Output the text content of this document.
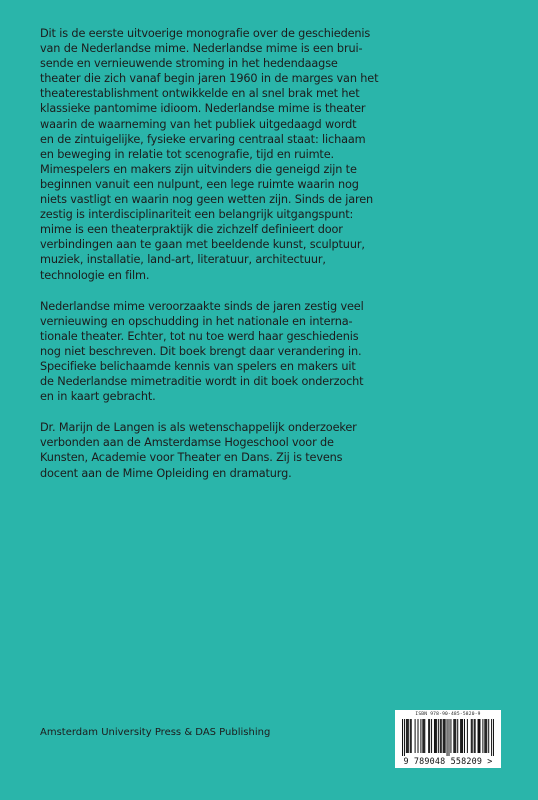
Dit is de eerste uitvoerige monografie over de geschiedenis
van de Nederlandse mime. Nederlandse mime is een brui-
sende en vernieuwende stroming in het hedendaagse
theater die zich vanaf begin jaren 1960 in de marges van het
theaterestablishment ontwikkelde en al snel brak met het
klassieke pantomime idioom. Nederlandse mime is theater
waarin de waarneming van het publiek uitgedaagd wordt
en de zintuigelijke, fysieke ervaring centraal staat: lichaam
en beweging in relatie tot scenografie, tijd en ruimte.
Mimespelers en makers zijn uitvinders die geneigd zijn te
beginnen vanuit een nulpunt, een lege ruimte waarin nog
niets vastligt en waarin nog geen wetten zijn. Sinds de jaren
zestig is interdisciplinariteit een belangrijk uitgangspunt:
mime is een theaterpraktijk die zichzelf definieert door
verbindingen aan te gaan met beeldende kunst, sculptuur,
muziek, installatie, land-art, literatuur, architectuur,
technologie en film.

Nederlandse mime veroorzaakte sinds de jaren zestig veel
vernieuwing en opschudding in het nationale en interna-
tionale theater. Echter, tot nu toe werd haar geschiedenis
nog niet beschreven. Dit boek brengt daar verandering in.
Specifieke belichaamde kennis van spelers en makers uit
de Nederlandse mimetraditie wordt in dit boek onderzocht
en in kaart gebracht.

Dr. Marijn de Langen is als wetenschappelijk onderzoeker
verbonden aan de Amsterdamse Hogeschool voor de
Kunsten, Academie voor Theater en Dans. Zij is tevens
docent aan de Mime Opleiding en dramaturg.

Amsterdam University Press & DAS Publishing
ISBN 978-90-485-5820-9
9 789048 558209 >
